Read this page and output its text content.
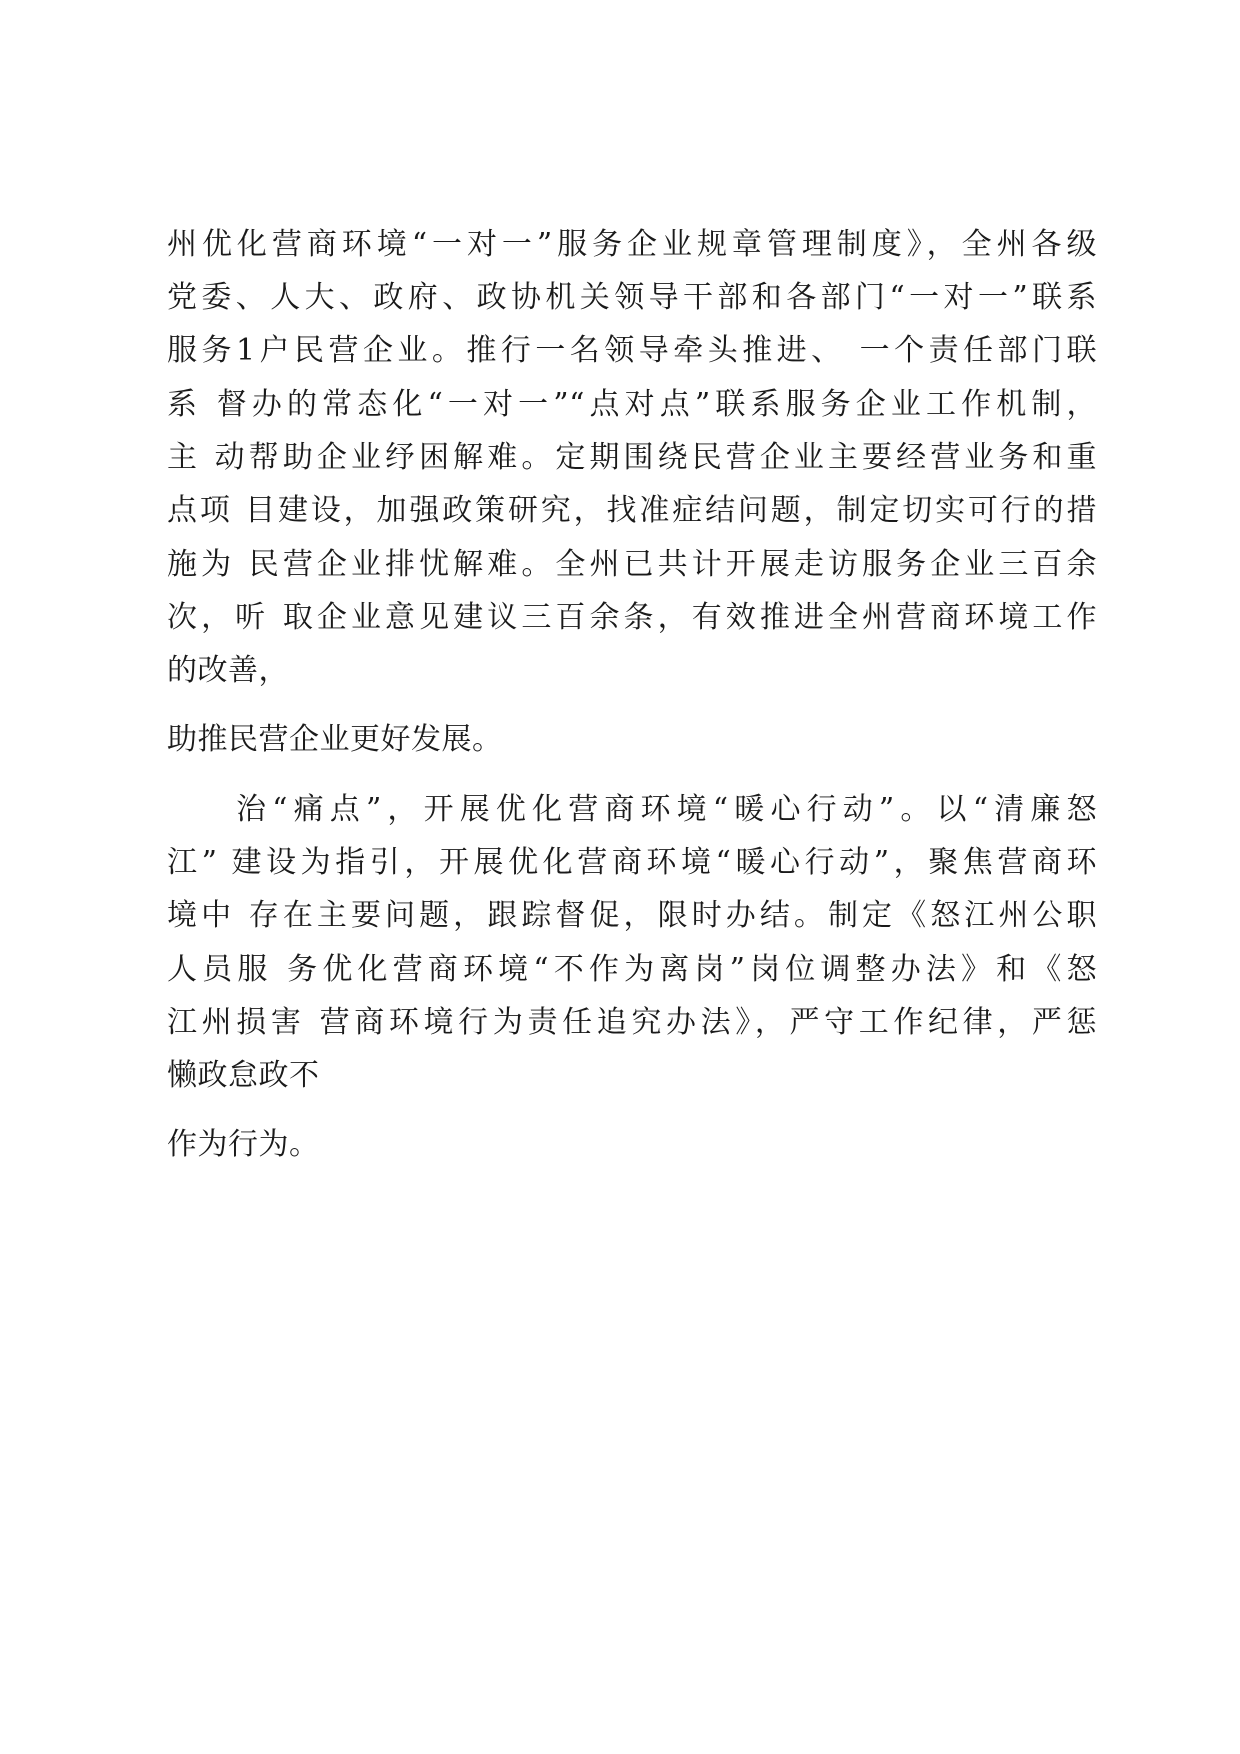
州优化营商环境“一对一”服务企业规章管理制度》，全州各级
党委、人大、政府、政协机关领导干部和各部门“一对一”联系
服务1户民营企业。推行一名领导牵头推进、 一个责任部门联
系 督办的常态化“一对一”“点对点”联系服务企业工作机制，
主 动帮助企业纾困解难。定期围绕民营企业主要经营业务和重
点项 目建设，加强政策研究，找准症结问题，制定切实可行的措
施为 民营企业排忧解难。全州已共计开展走访服务企业三百余
次，听 取企业意见建议三百余条，有效推进全州营商环境工作
的改善，
助推民营企业更好发展。
治“痛点”，开展优化营商环境“暖心行动”。以“清廉怒
江” 建设为指引，开展优化营商环境“暖心行动”，聚焦营商环
境中 存在主要问题，跟踪督促，限时办结。制定《怒江州公职
人员服 务优化营商环境“不作为离岗”岗位调整办法》和《怒
江州损害 营商环境行为责任追究办法》，严守工作纪律，严惩
懒政怠政不
作为行为。
